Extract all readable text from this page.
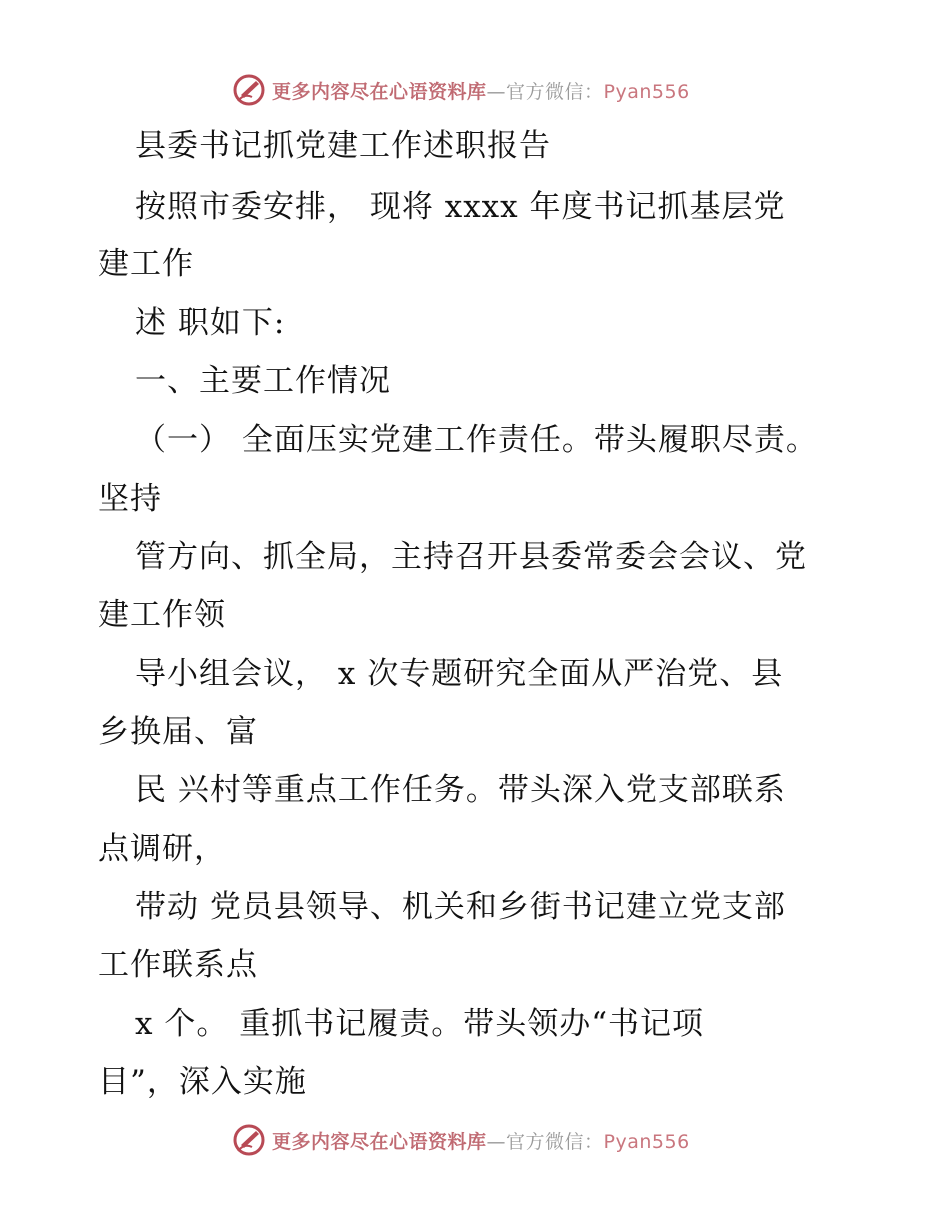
更多内容尽在心语资料库—官方微信：Pyan556
县委书记抓党建工作述职报告
按照市委安排， 现将 xxxx 年度书记抓基层党
建工作
述 职如下:
一、主要工作情况
（一） 全面压实党建工作责任。带头履职尽责。
坚持
管方向、抓全局，主持召开县委常委会会议、党
建工作领
导小组会议， x 次专题研究全面从严治党、县
乡换届、富
民 兴村等重点工作任务。带头深入党支部联系
点调研，
带动 党员县领导、机关和乡街书记建立党支部
工作联系点
x 个。 重抓书记履责。带头领办“书记项
目”，深入实施
更多内容尽在心语资料库—官方微信：Pyan556
